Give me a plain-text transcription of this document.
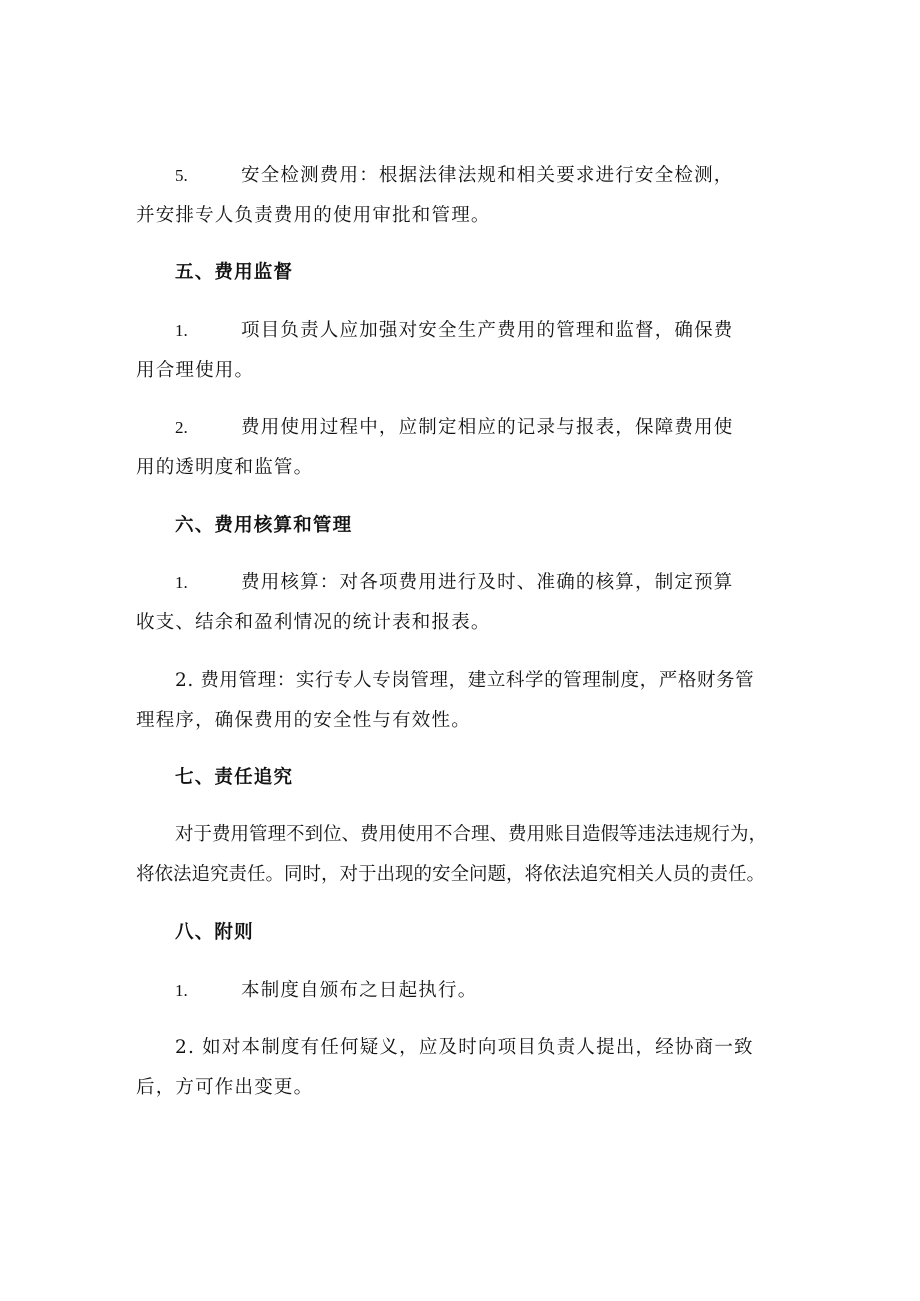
5.	安全检测费用：根据法律法规和相关要求进行安全检测，
并安排专人负责费用的使用审批和管理。
五、费用监督
1.	项目负责人应加强对安全生产费用的管理和监督，确保费
用合理使用。
2.	费用使用过程中，应制定相应的记录与报表，保障费用使
用的透明度和监管。
六、费用核算和管理
1.	费用核算：对各项费用进行及时、准确的核算，制定预算
收支、结余和盈利情况的统计表和报表。
2. 费用管理：实行专人专岗管理，建立科学的管理制度，严格财务管
理程序，确保费用的安全性与有效性。
七、责任追究
对于费用管理不到位、费用使用不合理、费用账目造假等违法违规行为，
将依法追究责任。同时，对于出现的安全问题，将依法追究相关人员的责任。
八、附则
1.	本制度自颁布之日起执行。
2. 如对本制度有任何疑义，应及时向项目负责人提出，经协商一致
后，方可作出变更。
